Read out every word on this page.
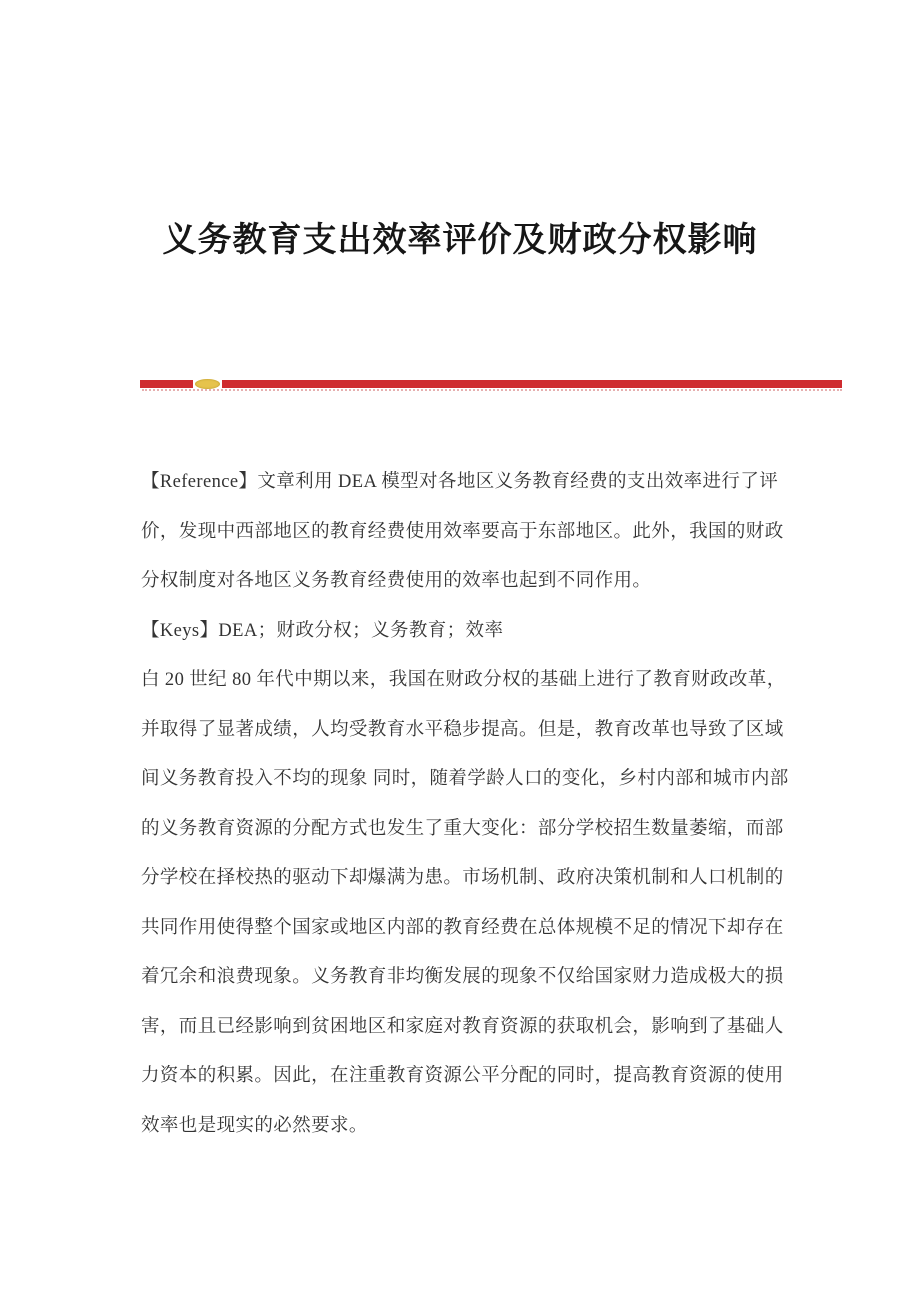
义务教育支出效率评价及财政分权影响
【Reference】文章利用 DEA 模型对各地区义务教育经费的支出效率进行了评
价，发现中西部地区的教育经费使用效率要高于东部地区。此外，我国的财政
分权制度对各地区义务教育经费使用的效率也起到不同作用。
【Keys】DEA；财政分权；义务教育；效率
白 20 世纪 80 年代中期以来，我国在财政分权的基础上进行了教育财政改革，
并取得了显著成绩，人均受教育水平稳步提高。但是，教育改革也导致了区域
间义务教育投入不均的现象 同时，随着学龄人口的变化，乡村内部和城市内部
的义务教育资源的分配方式也发生了重大变化：部分学校招生数量萎缩，而部
分学校在择校热的驱动下却爆满为患。市场机制、政府决策机制和人口机制的
共同作用使得整个国家或地区内部的教育经费在总体规模不足的情况下却存在
着冗余和浪费现象。义务教育非均衡发展的现象不仅给国家财力造成极大的损
害，而且已经影响到贫困地区和家庭对教育资源的获取机会，影响到了基础人
力资本的积累。因此，在注重教育资源公平分配的同时，提高教育资源的使用
效率也是现实的必然要求。
